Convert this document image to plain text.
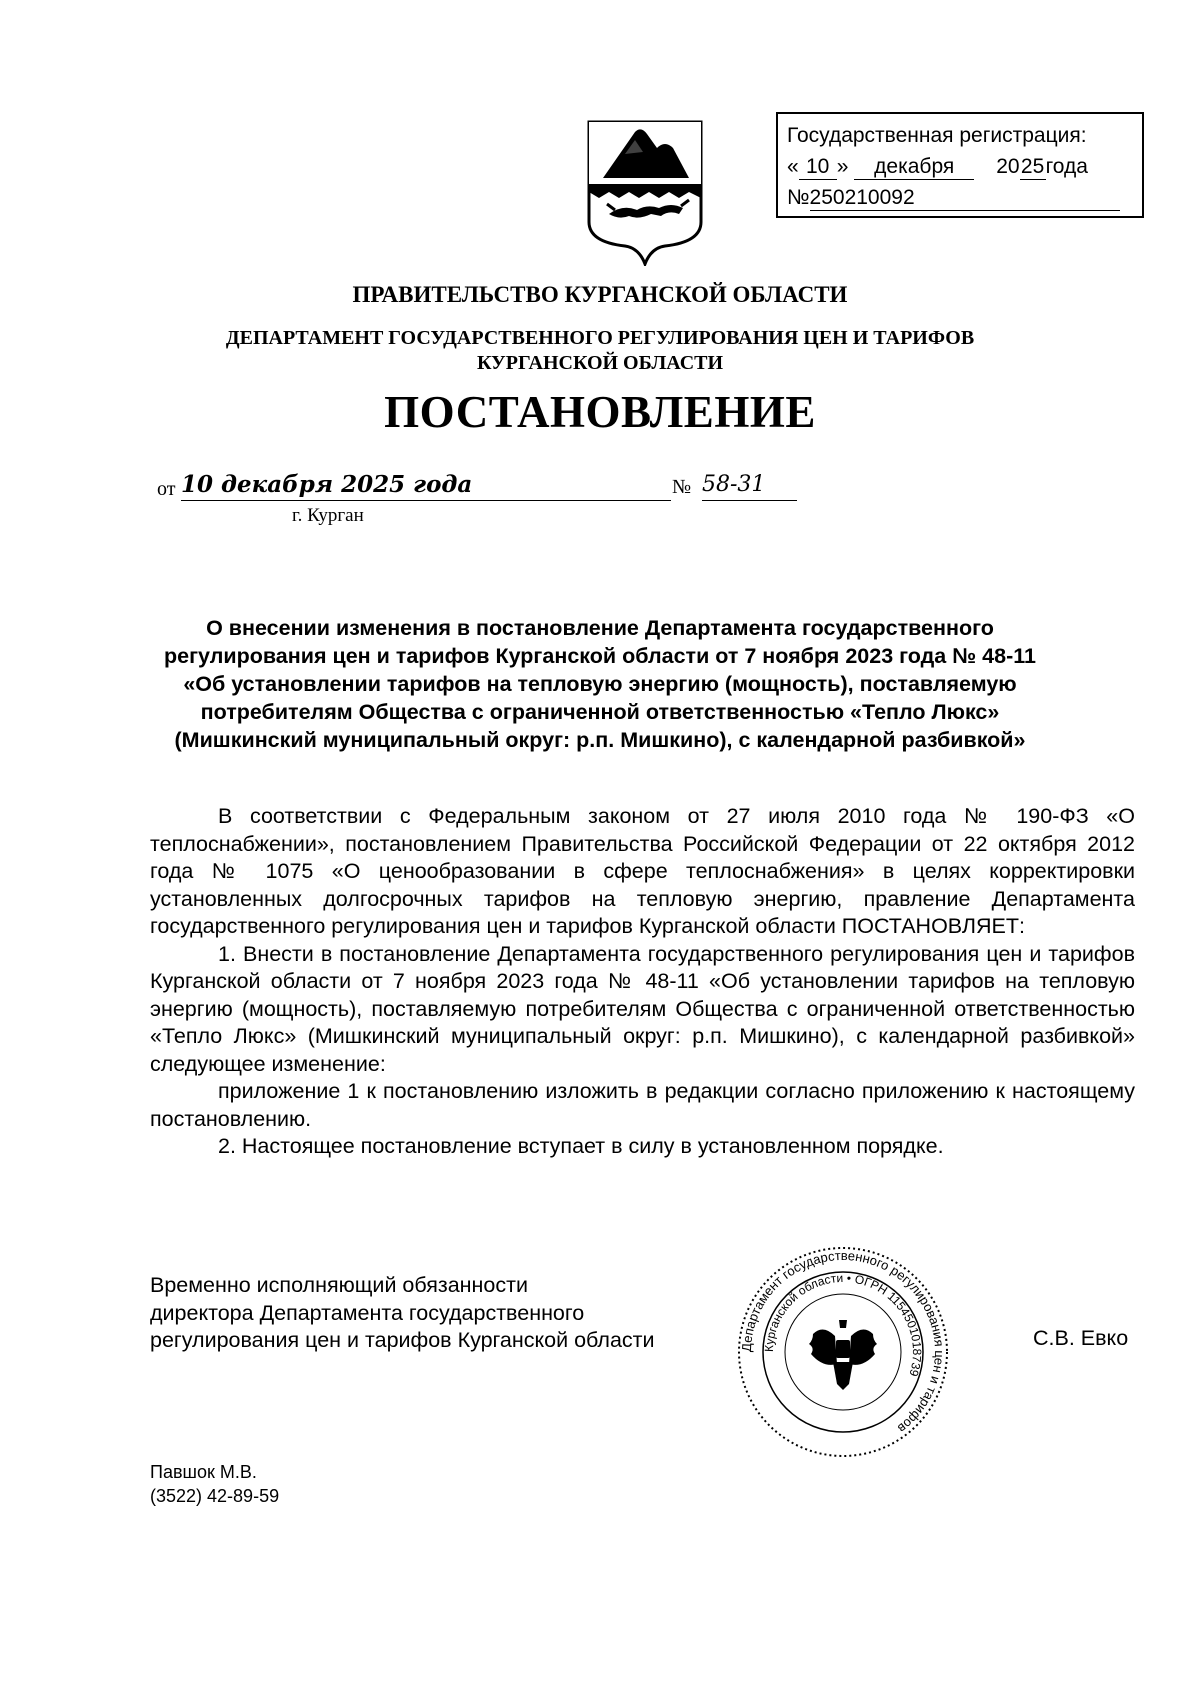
Государственная регистрация:
« 10 » декабря 2025года
№250210092
ПРАВИТЕЛЬСТВО КУРГАНСКОЙ ОБЛАСТИ
ДЕПАРТАМЕНТ ГОСУДАРСТВЕННОГО РЕГУЛИРОВАНИЯ ЦЕН И ТАРИФОВ
КУРГАНСКОЙ ОБЛАСТИ
ПОСТАНОВЛЕНИЕ
от 10 декабря 2025 года	№ 58-31
г. Курган
О внесении изменения в постановление Департамента государственного
регулирования цен и тарифов Курганской области от 7 ноября 2023 года № 48-11
«Об установлении тарифов на тепловую энергию (мощность), поставляемую
потребителям Общества с ограниченной ответственностью «Тепло Люкс»
(Мишкинский муниципальный округ: р.п. Мишкино), с календарной разбивкой»

В соответствии с Федеральным законом от 27 июля 2010 года № 190-ФЗ «О теплоснабжении», постановлением Правительства Российской Федерации от 22 октября 2012 года № 1075 «О ценообразовании в сфере теплоснабжения» в целях корректировки установленных долгосрочных тарифов на тепловую энергию, правление Департамента государственного регулирования цен и тарифов Курганской области ПОСТАНОВЛЯЕТ:

1. Внести в постановление Департамента государственного регулирования цен и тарифов Курганской области от 7 ноября 2023 года № 48-11 «Об установлении тарифов на тепловую энергию (мощность), поставляемую потребителям Общества с ограниченной ответственностью «Тепло Люкс» (Мишкинский муниципальный округ: р.п. Мишкино), с календарной разбивкой» следующее изменение:

приложение 1 к постановлению изложить в редакции согласно приложению к настоящему постановлению.

2. Настоящее постановление вступает в силу в установленном порядке.

Временно исполняющий обязанности
директора Департамента государственного
регулирования цен и тарифов Курганской области	С.В. Евко
Департамент государственного регулирования цен и тарифов
Курганской области • ОГРН 1154501018739
Павшок М.В.
(3522) 42-89-59
